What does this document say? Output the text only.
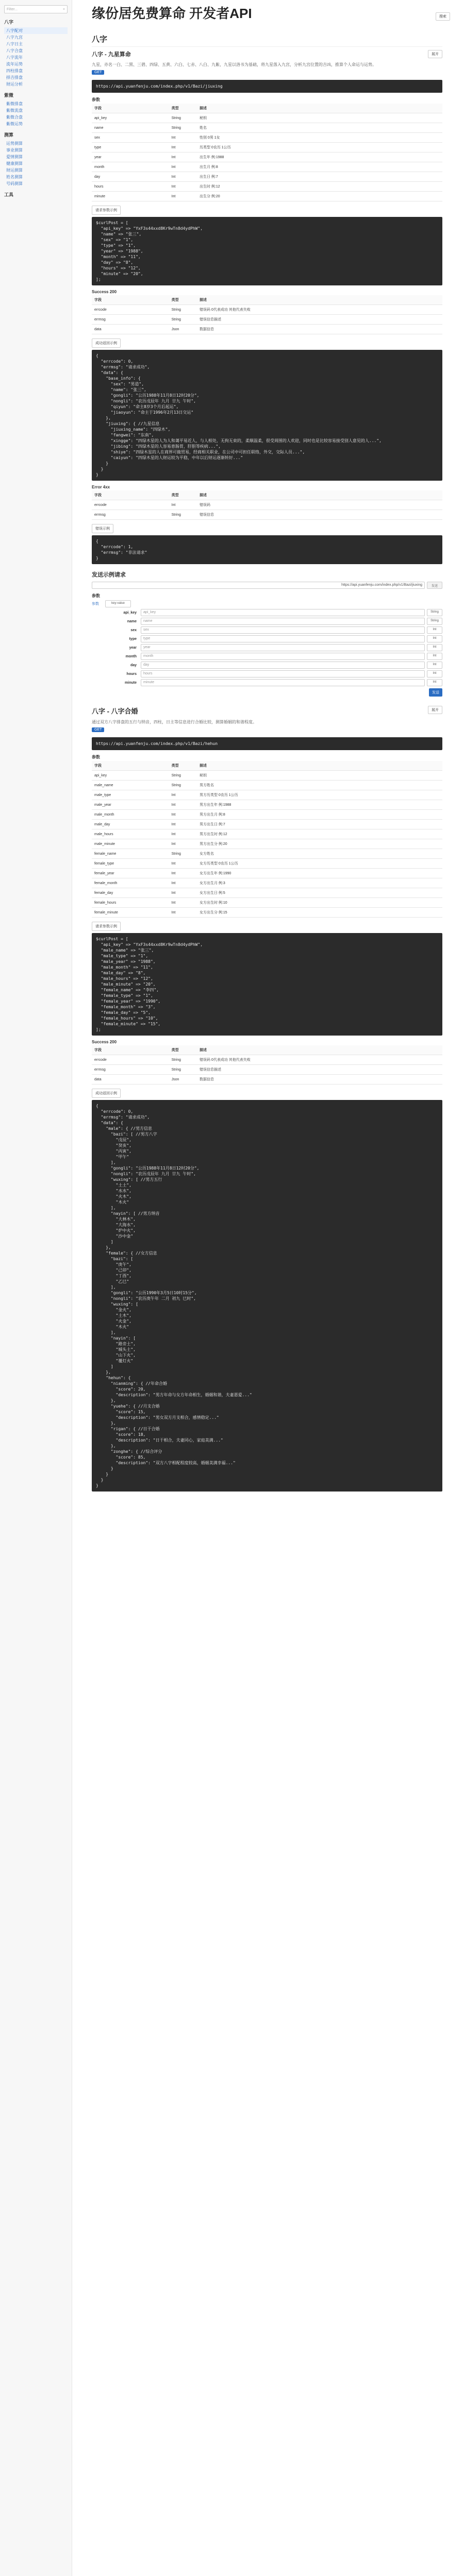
Filter...	×
八字
八字配对
八字九宫
八字日主
八字合盘
八字流年
流年运势
四柱排盘
择吉排盘
财运分析
紫微
紫微排盘
紫微流盘
紫微合盘
紫微运势
测算
运势测算
事业测算
爱情测算
健康测算
财运测算
姓名测算
号码测算
工具
缘份居免费算命 开发者API	搜索
八字
八字 - 九星算命	展开

九星，亦名一白、二黑、三碧、四绿、五黄、六白、七赤、八白、九紫，九星以洛书为基础，将九星落入九宫，分析九宫位置的吉凶，推算个人命运与运势。

GET
https://api.yuanfenju.com/index.php/v1/Bazi/jiuxing
参数
字段	类型	描述
api_key	String	秘钥
name	String	姓名
sex	Int	性别 0男 1女
type	Int	历类型 0农历 1公历
year	Int	出生年 例:1988
month	Int	出生月 例:8
day	Int	出生日 例:7
hours	Int	出生时 例:12
minute	Int	出生分 例:20
请求参数示例
$curlPost = [
"api_key" => "YxF3s44xxd8Kr9wTn8d4ydPhW",
"name" => "张三",
"sex" => "1",
"type" => "1",
"year" => "1988",
"month" => "11",
"day" => "8",
"hours" => "12",
"minute" => "20",
];
Success 200
字段	类型	描述
errcode	String	错误码 0代表成功 其他代表失败
errmsg	String	错误信息描述
data	Json	数据信息
成功返回示例
{
"errcode": 0,
"errmsg": "请求成功",
"data": {
"base_info": {
"sex": "男造",
"name": "张三",
"gongli": "公历1988年11月8日12时20分",
"nongli": "农历戊辰年 九月 廿九 午时",
"qiyun": "命主8岁3个月后起运",
"jiaoyun": "命主于1996年2月13日交运"
},
"jiuxing": { //九星信息
"jiuxing_name": "四绿木",
"fangwei": "东南",
"xingge": "四绿木星的人为人和蔼平易近人，与人相处，无拘无束的，柔顺温柔，很受周围的人欢迎，同时也是比较容易接受别人意见的人...",
"jibing": "四绿木星的人容易患肠胃，肝胆等疾病...",
"shiye": "四绿木星的人在商界可做贸易，经商相关职业，在公司中可担任联络，外交，交际人员...",
"caiyun": "四绿木星的人财运较为平稳，中年以后财运逐渐转好..."
}
}
}
Error 4xx
字段	类型	描述
errcode	Int	错误码
errmsg	String	错误信息
错误示例
{
"errcode": 1,
"errmsg": "非法请求"
}
发送示例请求
https://api.yuanfenju.com/index.php/v1/Bazi/jiuxing	发送
参数
参数	key-value
api_key	api_key	String
name	name	String
sex	sex	Int
type	type	Int
year	year	Int
month	month	Int
day	day	Int
hours	hours	Int
minute	minute	Int
发送
八字 - 八字合婚	展开

通过双方八字排盘的五行与纳音，四柱，日主等信息进行合婚比较，测算婚姻的和谐程度。

GET
https://api.yuanfenju.com/index.php/v1/Bazi/hehun
参数
字段	类型	描述
api_key	String	秘钥
male_name	String	男方姓名
male_type	Int	男方历类型 0农历 1公历
male_year	Int	男方出生年 例:1988
male_month	Int	男方出生月 例:8
male_day	Int	男方出生日 例:7
male_hours	Int	男方出生时 例:12
male_minute	Int	男方出生分 例:20
female_name	String	女方姓名
female_type	Int	女方历类型 0农历 1公历
female_year	Int	女方出生年 例:1990
female_month	Int	女方出生月 例:3
female_day	Int	女方出生日 例:5
female_hours	Int	女方出生时 例:10
female_minute	Int	女方出生分 例:15
请求参数示例
$curlPost = [
"api_key" => "YxF3s44xxd8Kr9wTn8d4ydPhW",
"male_name" => "张三",
"male_type" => "1",
"male_year" => "1988",
"male_month" => "11",
"male_day" => "8",
"male_hours" => "12",
"male_minute" => "20",
"female_name" => "李四",
"female_type" => "1",
"female_year" => "1990",
"female_month" => "3",
"female_day" => "5",
"female_hours" => "10",
"female_minute" => "15",
];
Success 200
字段	类型	描述
errcode	String	错误码 0代表成功 其他代表失败
errmsg	String	错误信息描述
data	Json	数据信息
成功返回示例
{
"errcode": 0,
"errmsg": "请求成功",
"data": {
"male": { //男方信息
"bazi": [ //男方八字
"戊辰",
"癸亥",
"丙寅",
"甲午"
],
"gongli": "公历1988年11月8日12时20分",
"nongli": "农历戊辰年 九月 廿九 午时",
"wuxing": [ //男方五行
"土土",
"水水",
"火木",
"木火"
],
"nayin": [ //男方纳音
"大林木",
"大海水",
"炉中火",
"沙中金"
]
},
"female": { //女方信息
"bazi": [
"庚午",
"己卯",
"丁酉",
"乙巳"
],
"gongli": "公历1990年3月5日10时15分",
"nongli": "农历庚午年 二月 初九 巳时",
"wuxing": [
"金火",
"土木",
"火金",
"木火"
],
"nayin": [
"路旁土",
"城头土",
"山下火",
"覆灯火"
]
},
"hehun": {
"nianming": { //年命合婚
"score": 20,
"description": "男方年命与女方年命相生，婚姻和谐，夫妻恩爱..."
},
"yuehe": { //月支合婚
"score": 15,
"description": "男女双方月支相合，感情稳定..."
},
"rigan": { //日干合婚
"score": 18,
"description": "日干相合，夫妻同心，家庭美满..."
},
"zonghe": { //综合评分
"score": 85,
"description": "双方八字相配程度较高，婚姻美满幸福..."
}
}
}
}
